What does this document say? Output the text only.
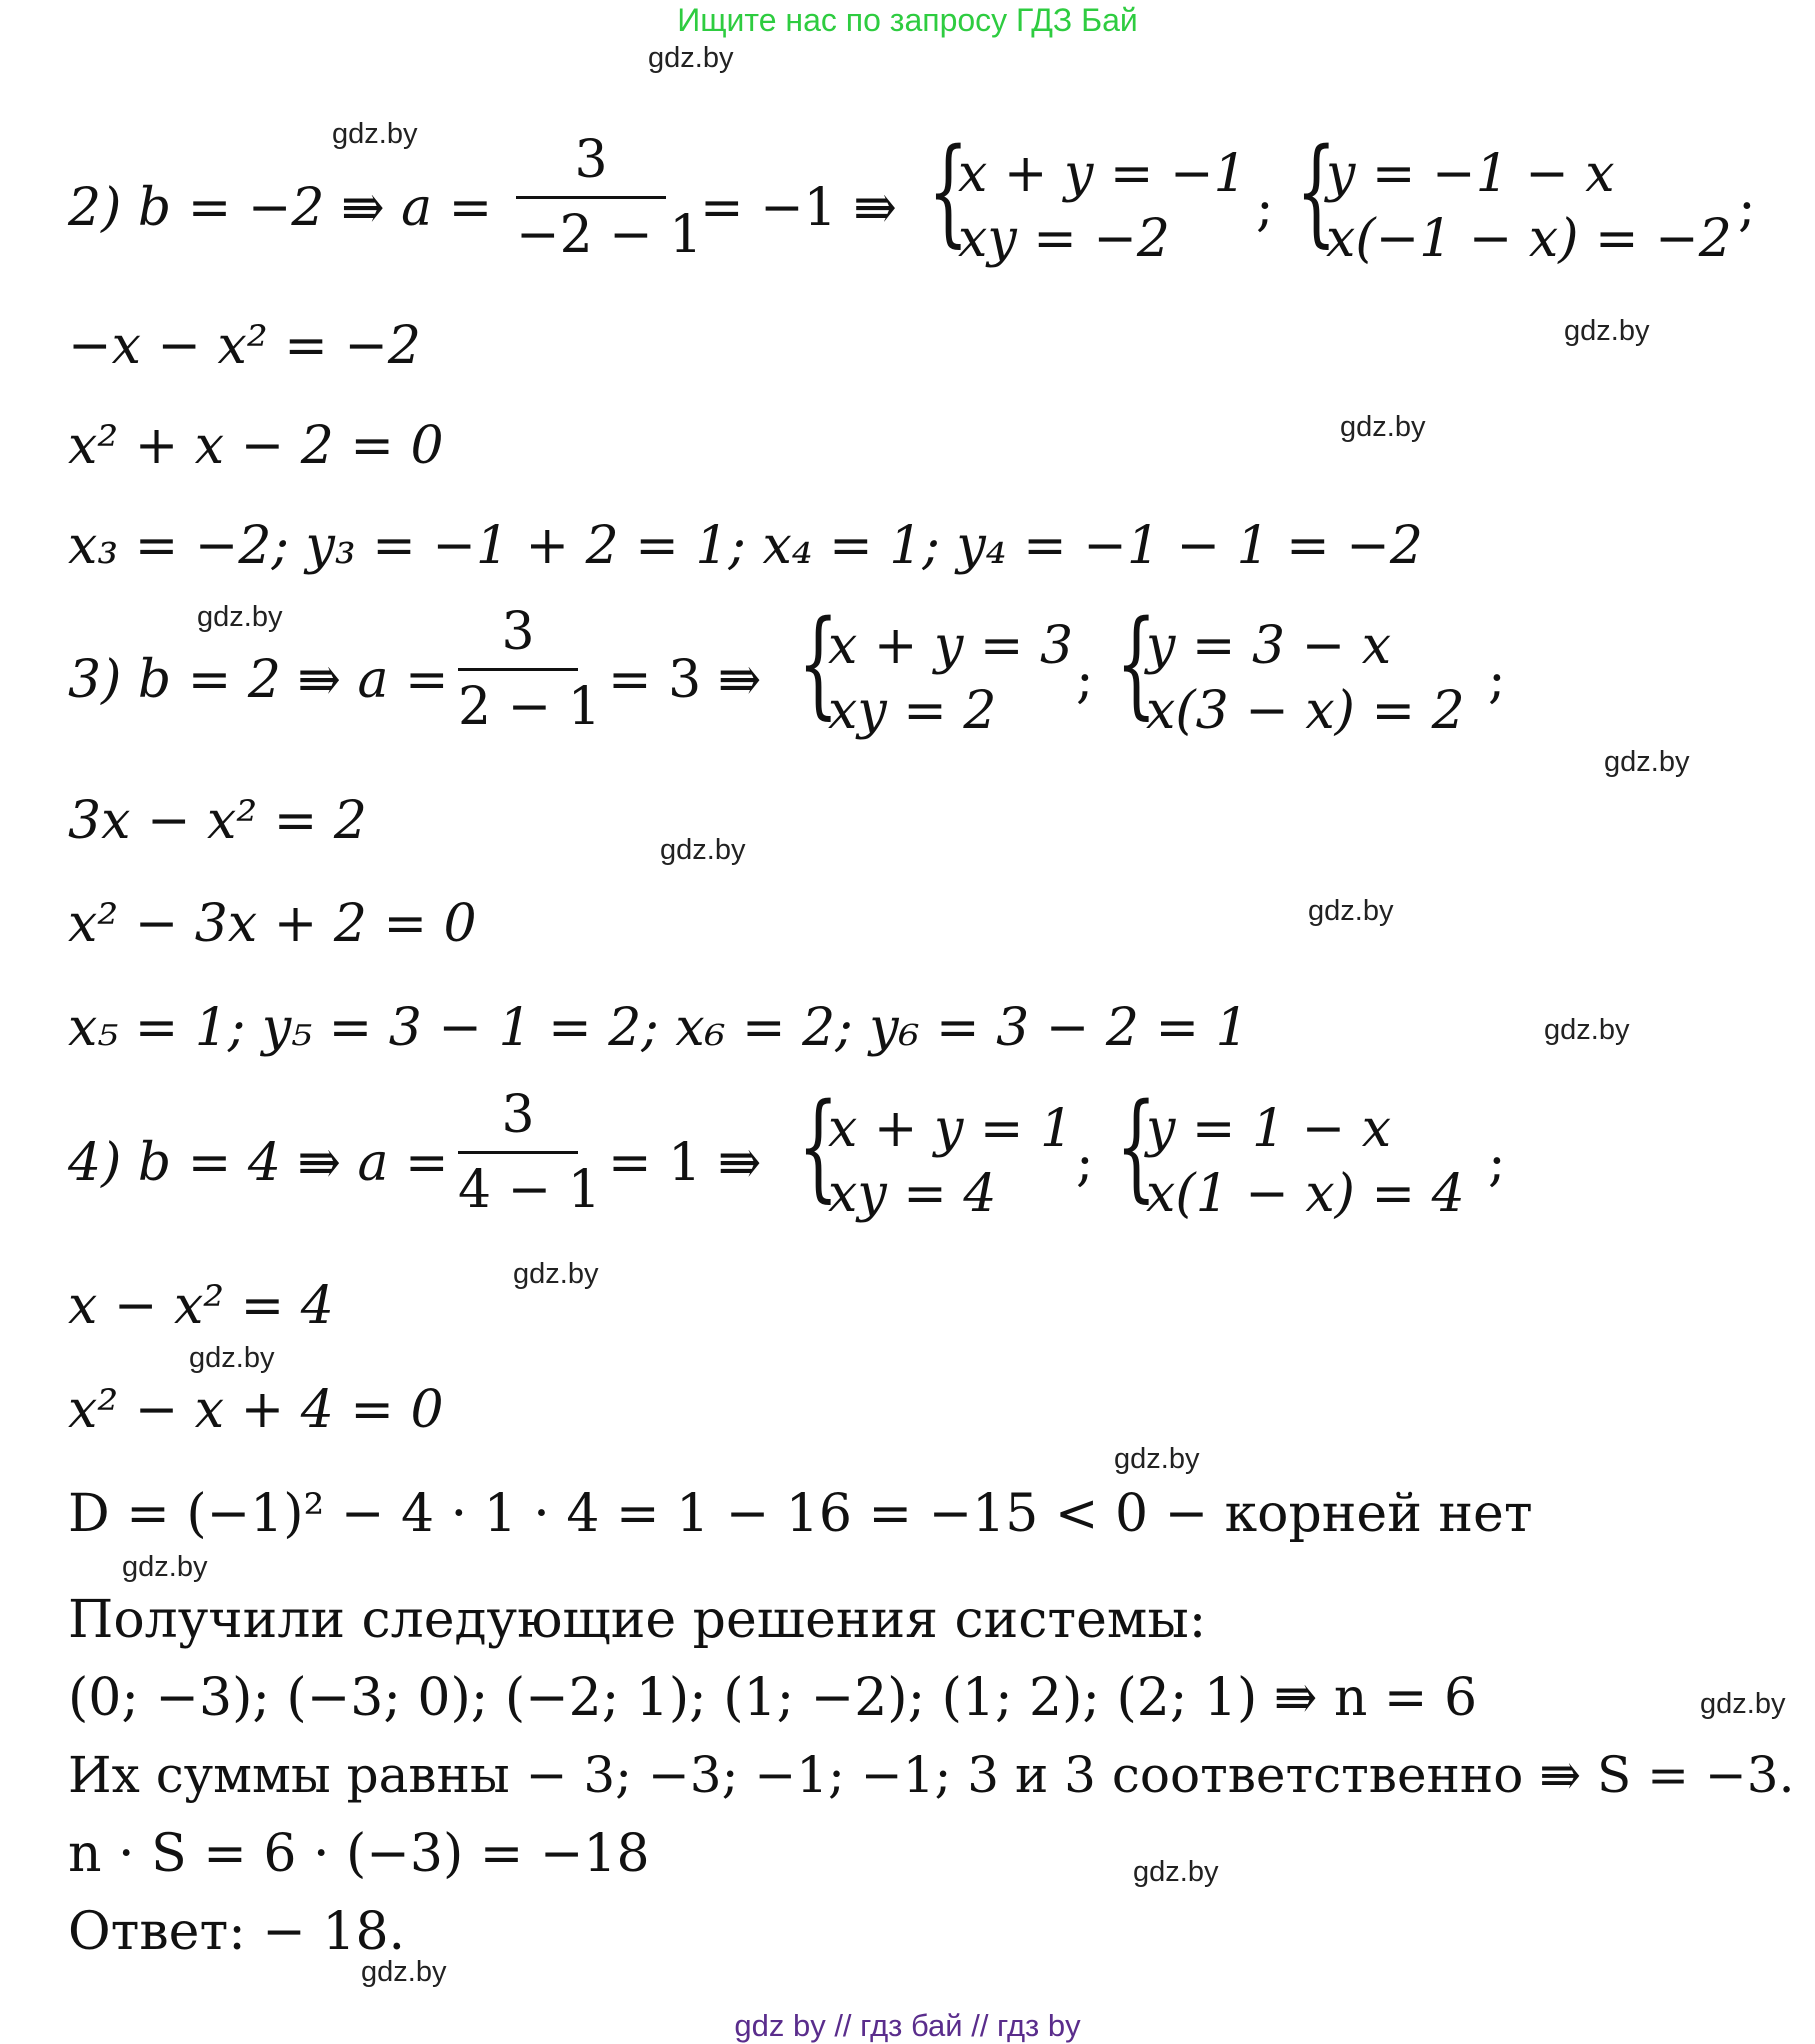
Ищите нас по запросу ГДЗ Бай
gdz.by
gdz.by
gdz.by
gdz.by
gdz.by
gdz.by
gdz.by
gdz.by
gdz.by
gdz.by
gdz.by
gdz.by
gdz.by
gdz.by
gdz.by
gdz.by
2) b = −2 ⇛ a =
3
−2 − 1
= −1 ⇛ {
x + y = −1
xy = −2
; {
y = −1 − x
x(−1 − x) = −2
;
−x − x² = −2
x² + x − 2 = 0
x₃ = −2; y₃ = −1 + 2 = 1; x₄ = 1; y₄ = −1 − 1 = −2
3) b = 2 ⇛ a =
3
2 − 1 = 3 ⇛ {
x + y = 3
xy = 2
; {
y = 3 − x
x(3 − x) = 2
;
3x − x² = 2
x² − 3x + 2 = 0
x₅ = 1; y₅ = 3 − 1 = 2; x₆ = 2; y₆ = 3 − 2 = 1
4) b = 4 ⇛ a =
3
4 − 1 = 1 ⇛ {
x + y = 1
xy = 4
; {
y = 1 − x
x(1 − x) = 4
;
x − x² = 4
x² − x + 4 = 0
D = (−1)² − 4 · 1 · 4 = 1 − 16 = −15 < 0 − корней нет
Получили следующие решения системы:
(0; −3); (−3; 0); (−2; 1); (1; −2); (1; 2); (2; 1) ⇛ n = 6
Их суммы равны − 3; −3; −1; −1; 3 и 3 соответственно ⇛ S = −3.
n · S = 6 · (−3) = −18
Ответ: − 18.
gdz by // гдз бай // гдз by
